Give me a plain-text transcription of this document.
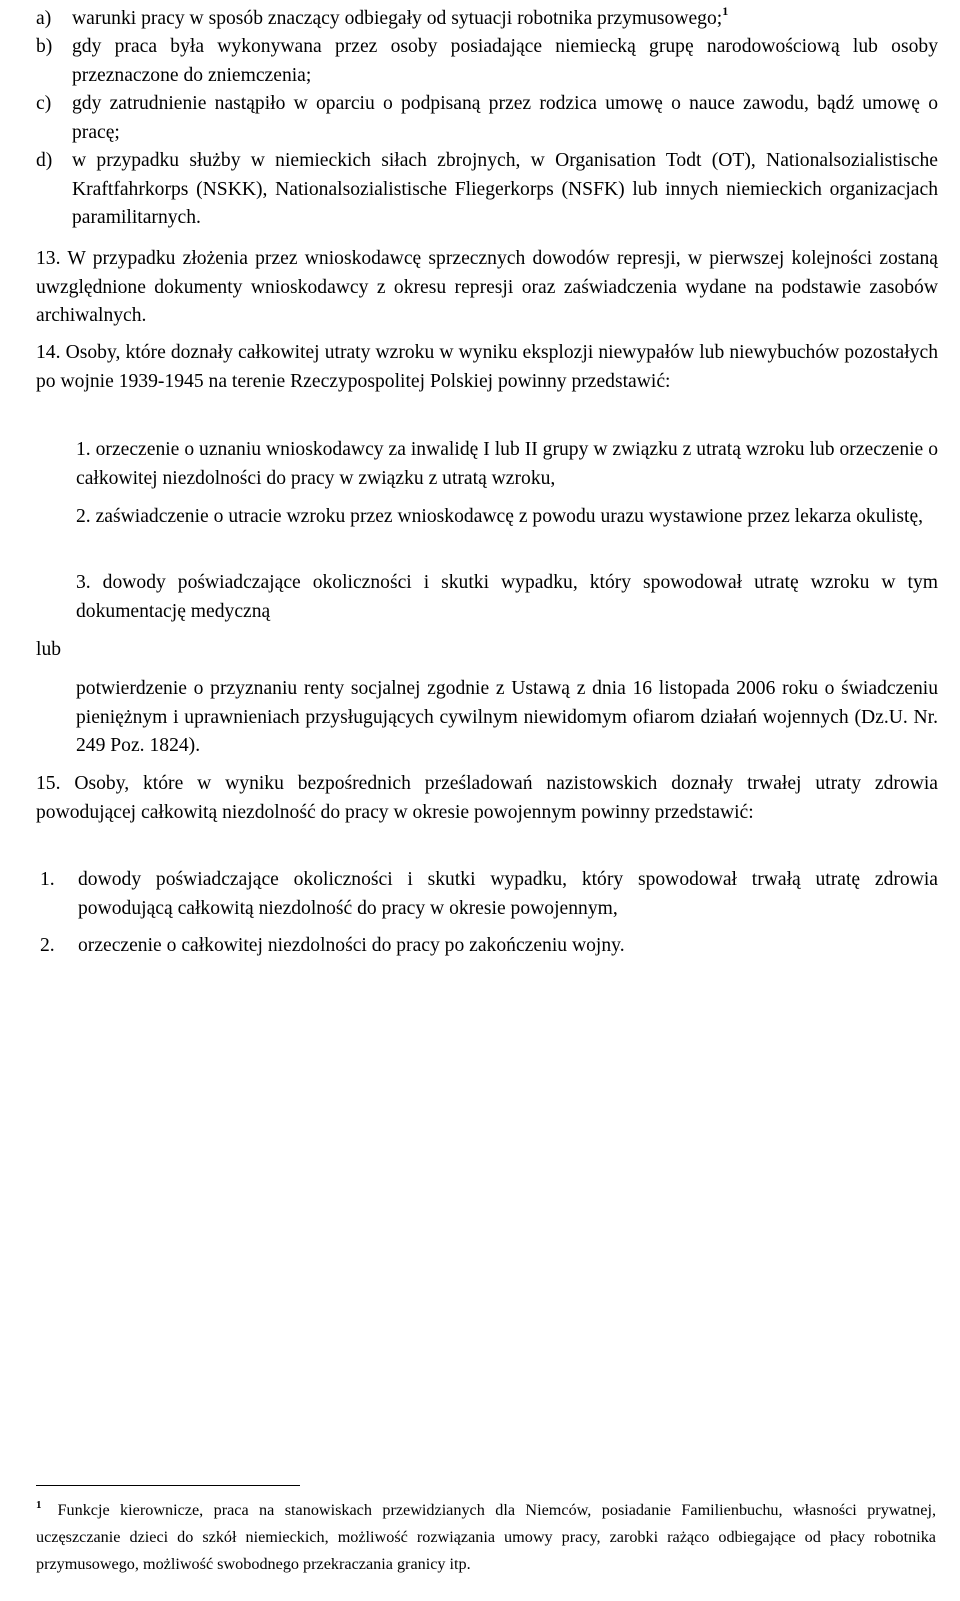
a) warunki pracy w sposób znaczący odbiegały od sytuacji robotnika przymusowego;$^1$
b) gdy praca była wykonywana przez osoby posiadające niemiecką grupę narodowościową lub osoby przeznaczone do zniemczenia;
c) gdy zatrudnienie nastąpiło w oparciu o podpisaną przez rodzica umowę o nauce zawodu, bądź umowę o pracę;
d) w przypadku służby w niemieckich siłach zbrojnych, w Organisation Todt (OT), Nationalsozialistische Kraftfahrkorps (NSKK), Nationalsozialistische Fliegerkorps (NSFK) lub innych niemieckich organizacjach paramilitarnych.
13. W przypadku złożenia przez wnioskodawcę sprzecznych dowodów represji, w pierwszej kolejności zostaną uwzględnione dokumenty wnioskodawcy z okresu represji oraz zaświadczenia wydane na podstawie zasobów archiwalnych.
14. Osoby, które doznały całkowitej utraty wzroku w wyniku eksplozji niewypałów lub niewybuchów pozostałych po wojnie 1939-1945 na terenie Rzeczypospolitej Polskiej powinny przedstawić:
1. orzeczenie o uznaniu wnioskodawcy za inwalidę I lub II grupy w związku z utratą wzroku lub orzeczenie o całkowitej niezdolności do pracy w związku z utratą wzroku,
2. zaświadczenie o utracie wzroku przez wnioskodawcę z powodu urazu wystawione przez lekarza okulistę,
3. dowody poświadczające okoliczności i skutki wypadku, który spowodował utratę wzroku w tym dokumentację medyczną
lub
potwierdzenie o przyznaniu renty socjalnej zgodnie z Ustawą z dnia 16 listopada 2006 roku o świadczeniu pieniężnym i uprawnieniach przysługujących cywilnym niewidomym ofiarom działań wojennych (Dz.U. Nr. 249 Poz. 1824).
15. Osoby, które w wyniku bezpośrednich prześladowań nazistowskich doznały trwałej utraty zdrowia powodującej całkowitą niezdolność do pracy w okresie powojennym powinny przedstawić:
1. dowody poświadczające okoliczności i skutki wypadku, który spowodował trwałą utratę zdrowia powodującą całkowitą niezdolność do pracy w okresie powojennym,
2. orzeczenie o całkowitej niezdolności do pracy po zakończeniu wojny.
$^1$ Funkcje kierownicze, praca na stanowiskach przewidzianych dla Niemców, posiadanie Familienbuchu, własności prywatnej, uczęszczanie dzieci do szkół niemieckich, możliwość rozwiązania umowy pracy, zarobki rażąco odbiegające od płacy robotnika przymusowego, możliwość swobodnego przekraczania granicy itp.
